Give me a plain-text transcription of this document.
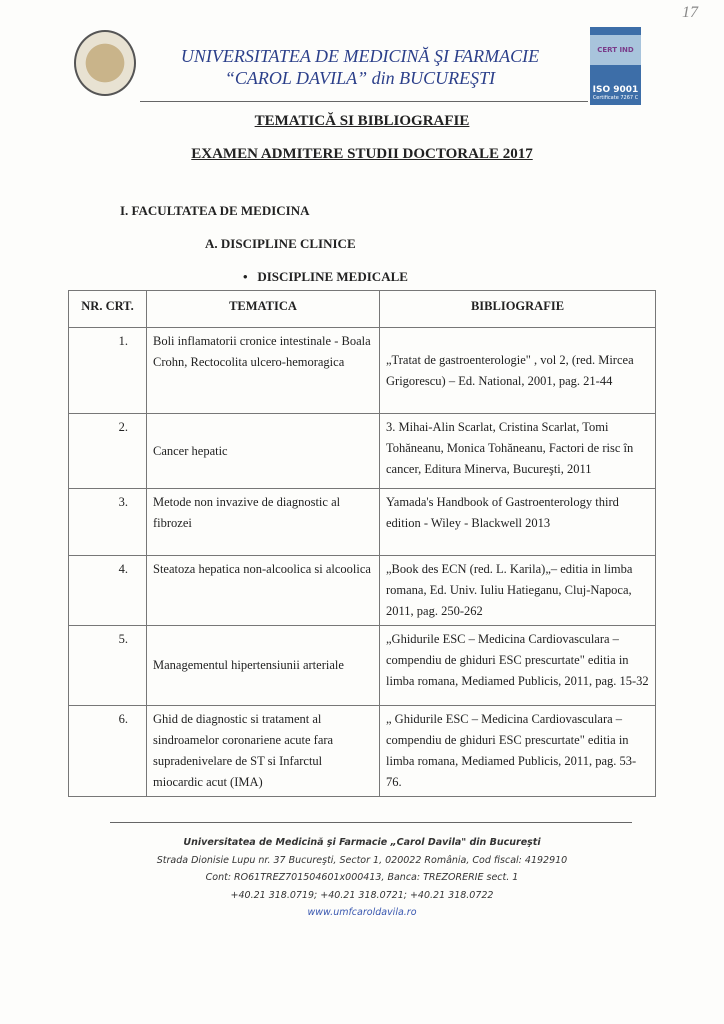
17
UNIVERSITATEA DE MEDICINĂ ŞI FARMACIE
“CAROL DAVILA” din BUCUREŞTI
CERT IND
ISO 9001
Certificate 7267 C
TEMATICĂ SI BIBLIOGRAFIE
EXAMEN ADMITERE STUDII DOCTORALE 2017
I. FACULTATEA DE MEDICINA
A. DISCIPLINE CLINICE
•   DISCIPLINE MEDICALE
NR. CRT.	TEMATICA	BIBLIOGRAFIE
1.	Boli inflamatorii cronice intestinale - Boala Crohn, Rectocolita ulcero-hemoragica	„Tratat de gastroenterologie" , vol 2, (red. Mircea Grigorescu) – Ed. National, 2001, pag. 21-44
2.	Cancer hepatic	3. Mihai-Alin Scarlat, Cristina Scarlat, Tomi Tohăneanu, Monica Tohăneanu, Factori de risc în cancer, Editura Minerva, Bucureşti, 2011
3.	Metode non invazive de diagnostic al fibrozei	Yamada's Handbook of Gastroenterology third edition - Wiley - Blackwell 2013
4.	Steatoza hepatica non-alcoolica si alcoolica	„Book des ECN (red. L. Karila)„– editia in limba romana, Ed. Univ. Iuliu Hatieganu, Cluj-Napoca, 2011, pag. 250-262
5.	Managementul hipertensiunii arteriale	„Ghidurile ESC – Medicina Cardiovasculara – compendiu de ghiduri ESC prescurtate" editia in limba romana, Mediamed Publicis, 2011, pag. 15-32
6.	Ghid de diagnostic si tratament al sindroamelor coronariene acute fara supradenivelare de ST si Infarctul miocardic acut (IMA)	„ Ghidurile ESC – Medicina Cardiovasculara – compendiu de ghiduri ESC prescurtate" editia in limba romana, Mediamed Publicis, 2011, pag. 53-76.
Universitatea de Medicină şi Farmacie „Carol Davila" din Bucureşti
Strada Dionisie Lupu nr. 37 Bucureşti, Sector 1, 020022 România, Cod fiscal: 4192910
Cont: RO61TREZ701504601x000413, Banca: TREZORERIE sect. 1
+40.21 318.0719; +40.21 318.0721; +40.21 318.0722
www.umfcaroldavila.ro
